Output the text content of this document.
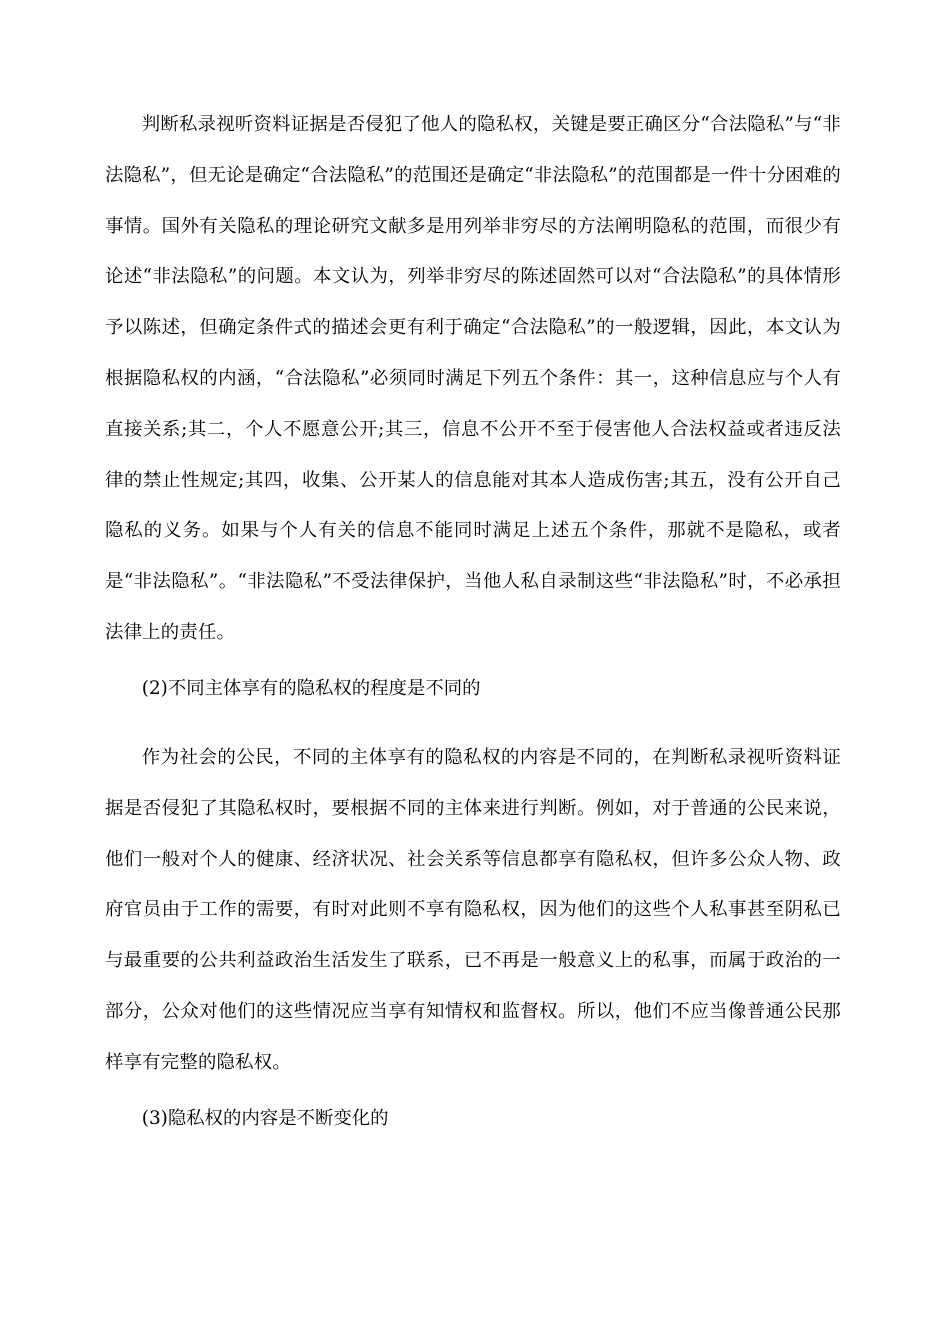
判断私录视听资料证据是否侵犯了他人的隐私权，关键是要正确区分“合法隐私”与“非法隐私”，但无论是确定“合法隐私”的范围还是确定“非法隐私”的范围都是一件十分困难的事情。国外有关隐私的理论研究文献多是用列举非穷尽的方法阐明隐私的范围，而很少有论述“非法隐私”的问题。本文认为，列举非穷尽的陈述固然可以对“合法隐私”的具体情形予以陈述，但确定条件式的描述会更有利于确定“合法隐私”的一般逻辑，因此，本文认为根据隐私权的内涵，“合法隐私”必须同时满足下列五个条件：其一，这种信息应与个人有直接关系;其二，个人不愿意公开;其三，信息不公开不至于侵害他人合法权益或者违反法律的禁止性规定;其四，收集、公开某人的信息能对其本人造成伤害;其五，没有公开自己隐私的义务。如果与个人有关的信息不能同时满足上述五个条件，那就不是隐私，或者是“非法隐私”。“非法隐私”不受法律保护，当他人私自录制这些“非法隐私”时，不必承担法律上的责任。

(2)不同主体享有的隐私权的程度是不同的

作为社会的公民，不同的主体享有的隐私权的内容是不同的，在判断私录视听资料证据是否侵犯了其隐私权时，要根据不同的主体来进行判断。例如，对于普通的公民来说，他们一般对个人的健康、经济状况、社会关系等信息都享有隐私权，但许多公众人物、政府官员由于工作的需要，有时对此则不享有隐私权，因为他们的这些个人私事甚至阴私已与最重要的公共利益政治生活发生了联系，已不再是一般意义上的私事，而属于政治的一部分，公众对他们的这些情况应当享有知情权和监督权。所以，他们不应当像普通公民那样享有完整的隐私权。

(3)隐私权的内容是不断变化的
